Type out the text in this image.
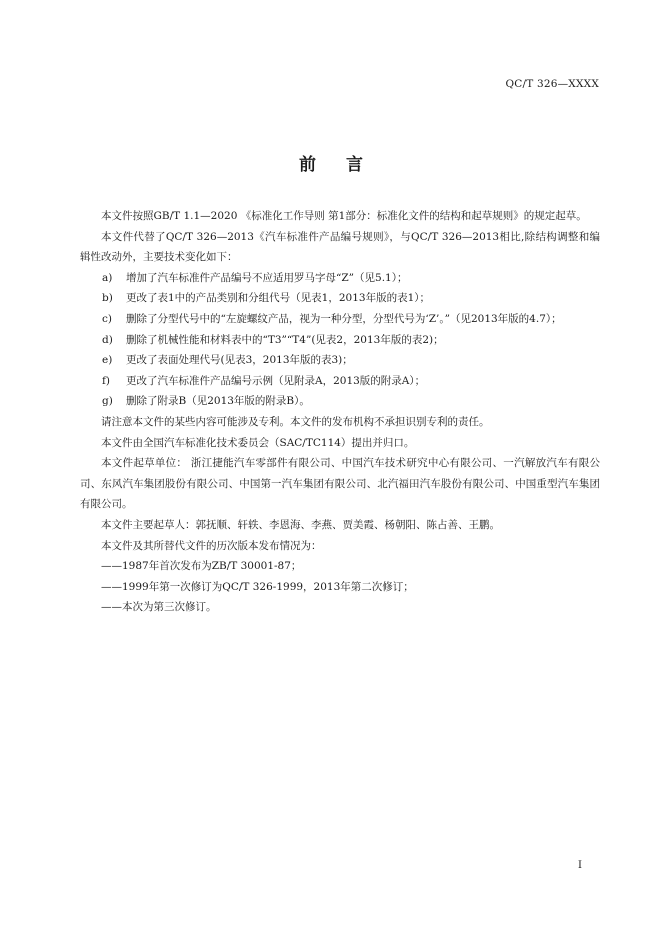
QC/T 326—XXXX
前言

本文件按照GB/T 1.1—2020 《标准化工作导则 第1部分：标准化文件的结构和起草规则》的规定起草。

本文件代替了QC/T 326—2013《汽车标准件产品编号规则》，与QC/T 326—2013相比,除结构调整和编辑性改动外，主要技术变化如下：

a) 增加了汽车标准件产品编号不应适用罗马字母“Z”（见5.1）；

b) 更改了表1中的产品类别和分组代号（见表1，2013年版的表1）；

c) 删除了分型代号中的“左旋螺纹产品，视为一种分型，分型代号为‘Z’。”（见2013年版的4.7）；

d) 删除了机械性能和材料表中的“T3”“T4”(见表2，2013年版的表2)；

e) 更改了表面处理代号(见表3，2013年版的表3)；

f) 更改了汽车标准件产品编号示例（见附录A，2013版的附录A）；

g) 删除了附录B（见2013年版的附录B）。

请注意本文件的某些内容可能涉及专利。本文件的发布机构不承担识别专利的责任。

本文件由全国汽车标准化技术委员会（SAC/TC114）提出并归口。

本文件起草单位： 浙江捷能汽车零部件有限公司、中国汽车技术研究中心有限公司、一汽解放汽车有限公司、东风汽车集团股份有限公司、中国第一汽车集团有限公司、北汽福田汽车股份有限公司、中国重型汽车集团有限公司。

本文件主要起草人：郭抚顺、轩轶、李恩海、李燕、贾美霞、杨朝阳、陈占善、王鹏。

本文件及其所替代文件的历次版本发布情况为：

——1987年首次发布为ZB/T 30001-87；

——1999年第一次修订为QC/T 326-1999，2013年第二次修订；

——本次为第三次修订。

I
